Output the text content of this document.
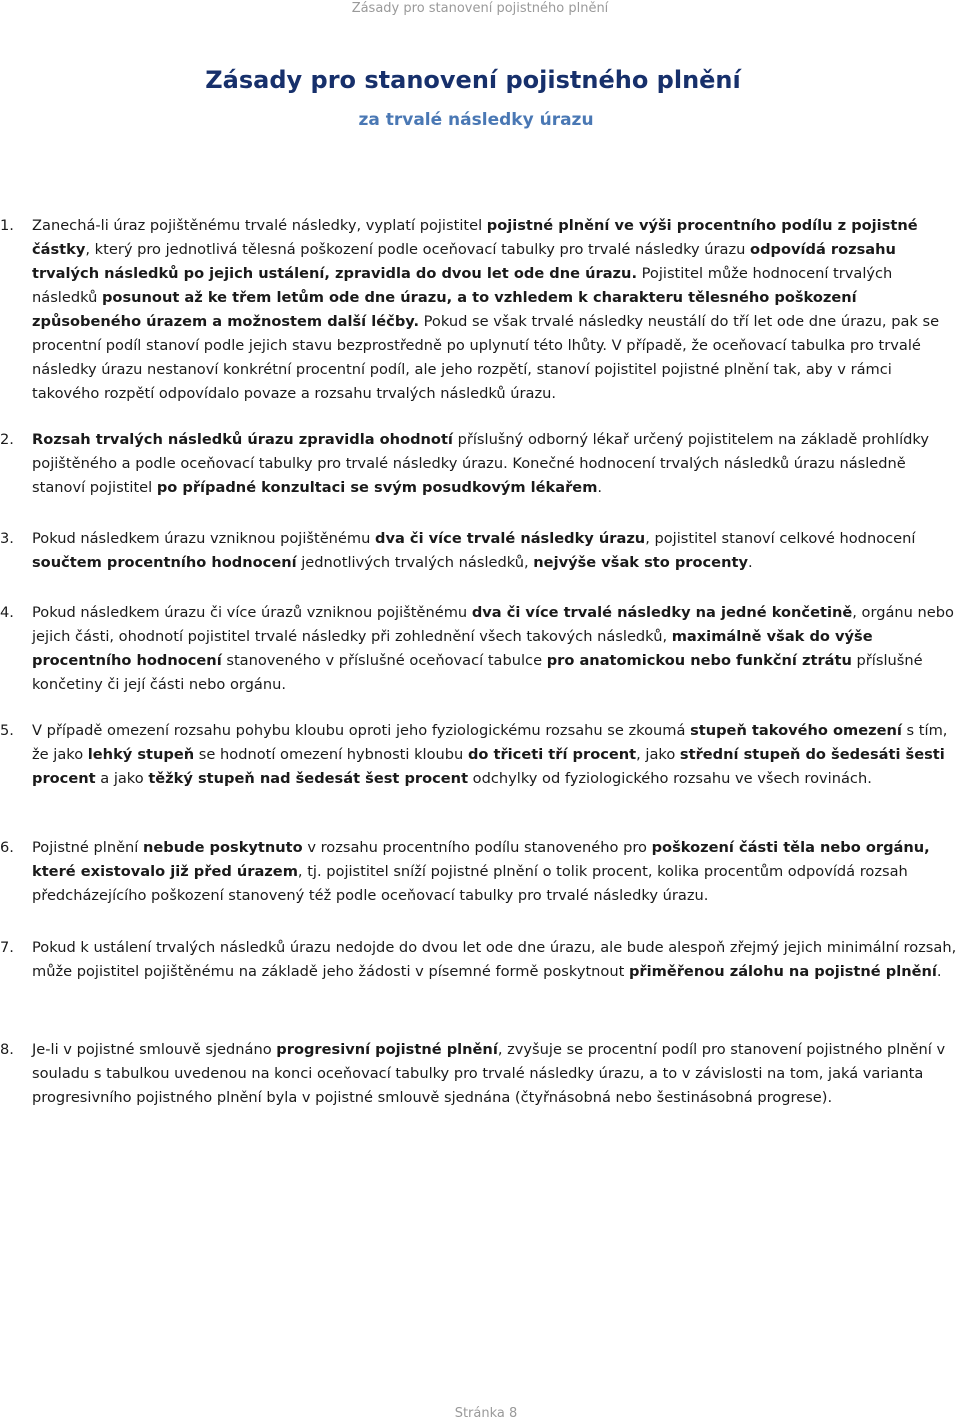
Zásady pro stanovení pojistného plnění
Zásady pro stanovení pojistného plnění
za trvalé následky úrazu
1.	Zanechá-li úraz pojištěnému trvalé následky, vyplatí pojistitel pojistné plnění ve výši procentního podílu z pojistné částky, který pro jednotlivá tělesná poškození podle oceňovací tabulky pro trvalé následky úrazu odpovídá rozsahu trvalých následků po jejich ustálení, zpravidla do dvou let ode dne úrazu. Pojistitel může hodnocení trvalých následků posunout až ke třem letům ode dne úrazu, a to vzhledem k charakteru tělesného poškození způsobeného úrazem a možnostem další léčby. Pokud se však trvalé následky neustálí do tří let ode dne úrazu, pak se procentní podíl stanoví podle jejich stavu bezprostředně po uplynutí této lhůty. V případě, že oceňovací tabulka pro trvalé následky úrazu nestanoví konkrétní procentní podíl, ale jeho rozpětí, stanoví pojistitel pojistné plnění tak, aby v rámci takového rozpětí odpovídalo povaze a rozsahu trvalých následků úrazu.
2.	Rozsah trvalých následků úrazu zpravidla ohodnotí příslušný odborný lékař určený pojistitelem na základě prohlídky pojištěného a podle oceňovací tabulky pro trvalé následky úrazu. Konečné hodnocení trvalých následků úrazu následně stanoví pojistitel po případné konzultaci se svým posudkovým lékařem.
3.	Pokud následkem úrazu vzniknou pojištěnému dva či více trvalé následky úrazu, pojistitel stanoví celkové hodnocení součtem procentního hodnocení jednotlivých trvalých následků, nejvýše však sto procenty.
4.	Pokud následkem úrazu či více úrazů vzniknou pojištěnému dva či více trvalé následky na jedné končetině, orgánu nebo jejich části, ohodnotí pojistitel trvalé následky při zohlednění všech takových následků, maximálně však do výše procentního hodnocení stanoveného v příslušné oceňovací tabulce pro anatomickou nebo funkční ztrátu příslušné končetiny či její části nebo orgánu.
5.	V případě omezení rozsahu pohybu kloubu oproti jeho fyziologickému rozsahu se zkoumá stupeň takového omezení s tím, že jako lehký stupeň se hodnotí omezení hybnosti kloubu do třiceti tří procent, jako střední stupeň do šedesáti šesti procent a jako těžký stupeň nad šedesát šest procent odchylky od fyziologického rozsahu ve všech rovinách.
6.	Pojistné plnění nebude poskytnuto v rozsahu procentního podílu stanoveného pro poškození části těla nebo orgánu, které existovalo již před úrazem, tj. pojistitel sníží pojistné plnění o tolik procent, kolika procentům odpovídá rozsah předcházejícího poškození stanovený též podle oceňovací tabulky pro trvalé následky úrazu.
7.	Pokud k ustálení trvalých následků úrazu nedojde do dvou let ode dne úrazu, ale bude alespoň zřejmý jejich minimální rozsah, může pojistitel pojištěnému na základě jeho žádosti v písemné formě poskytnout přiměřenou zálohu na pojistné plnění.
8.	Je-li v pojistné smlouvě sjednáno progresivní pojistné plnění, zvyšuje se procentní podíl pro stanovení pojistného plnění v souladu s tabulkou uvedenou na konci oceňovací tabulky pro trvalé následky úrazu, a to v závislosti na tom, jaká varianta progresivního pojistného plnění byla v pojistné smlouvě sjednána (čtyřnásobná nebo šestinásobná progrese).
Stránka 8
